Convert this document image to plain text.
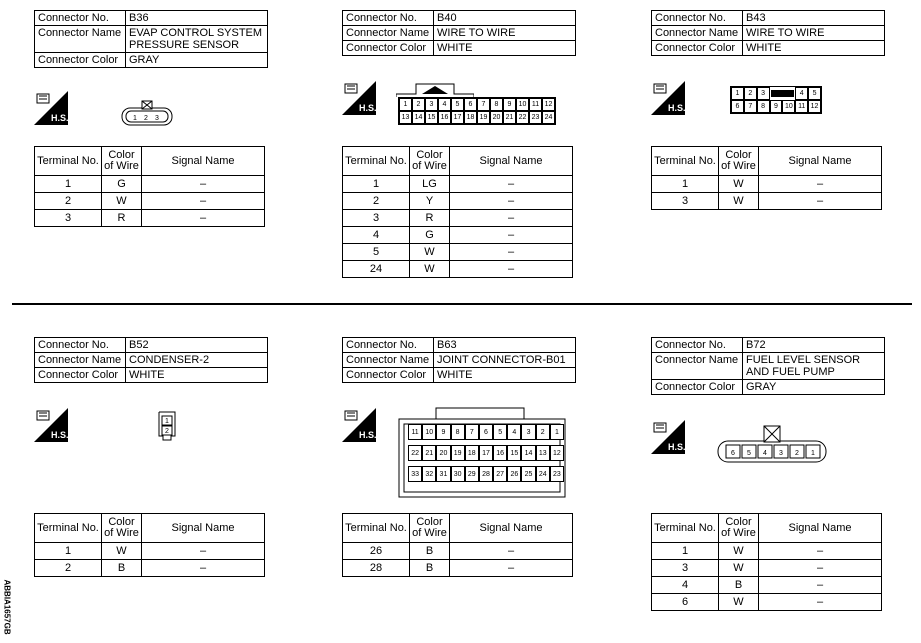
ABBIA1657GB
Connector No.	B36
Connector Name	EVAP CONTROL SYSTEM PRESSURE SENSOR
Connector Color	GRAY
1 2 3
Terminal No.	Color of Wire	Signal Name
1	G	–
2	W	–
3	R	–
Connector No.	B40
Connector Name	WIRE TO WIRE
Connector Color	WHITE
1	2	3	4	5	6	7	8	9	10 11 12
13 14 15 16 17 18 19 20 21 22 23 24
Terminal No.	Color of Wire	Signal Name
1	LG	–
2	Y	–
3	R	–
4	G	–
5	W	–
24	W	–
Connector No.	B43
Connector Name	WIRE TO WIRE
Connector Color	WHITE
1	2	3	4	5
6	7	8	9	10 11 12
Terminal No.	Color of Wire	Signal Name
1	W	–
3	W	–
Connector No.	B52
Connector Name	CONDENSER-2
Connector Color	WHITE
1
2
Terminal No.	Color of Wire	Signal Name
1	W	–
2	B	–
Connector No.	B63
Connector Name	JOINT CONNECTOR-B01
Connector Color	WHITE
11 10	9	8	7	6	5	4	3	2	1
22 21 20 19 18 17 16 15 14 13 12
33 32 31 30 29 28 27 26 25 24 23
Terminal No.	Color of Wire	Signal Name
26	B	–
28	B	–
Connector No.	B72
Connector Name	FUEL LEVEL SENSOR AND FUEL PUMP
Connector Color	GRAY
6 5 4 3 2 1
Terminal No.	Color of Wire	Signal Name
1	W	–
3	W	–
4	B	–
6	W	–
